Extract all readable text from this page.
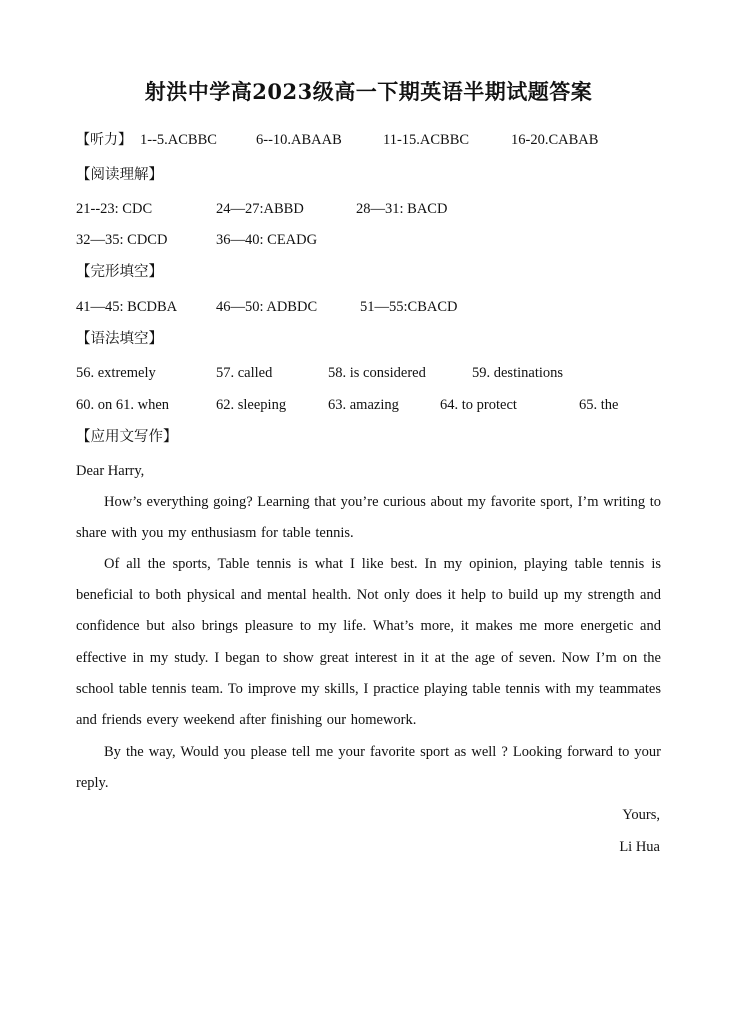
射洪中学高2023级高一下期英语半期试题答案
【听力】 1--5.ACBBC	6--10.ABAAB	11-15.ACBBC	16-20.CABAB
【阅读理解】
21--23: CDC	24—27:ABBD	28—31: BACD
32—35: CDCD	36—40: CEADG
【完形填空】
41—45: BCDBA	46—50: ADBDC	51—55:CBACD
【语法填空】
56. extremely	57. called	58. is considered	59. destinations
60. on 61. when	62. sleeping	63. amazing	64. to protect	65. the
【应用文写作】
Dear Harry,
How’s everything going? Learning that you’re curious about my favorite sport, I’m writing to share with you my enthusiasm for table tennis.
Of all the sports, Table tennis is what I like best. In my opinion, playing table tennis is beneficial to both physical and mental health. Not only does it help to build up my strength and confidence but also brings pleasure to my life. What’s more, it makes me more energetic and effective in my study. I began to show great interest in it at the age of seven. Now I’m on the school table tennis team. To improve my skills, I practice playing table tennis with my teammates and friends every weekend after finishing our homework.
By the way, Would you please tell me your favorite sport as well ? Looking forward to your reply.
Yours,
Li Hua
